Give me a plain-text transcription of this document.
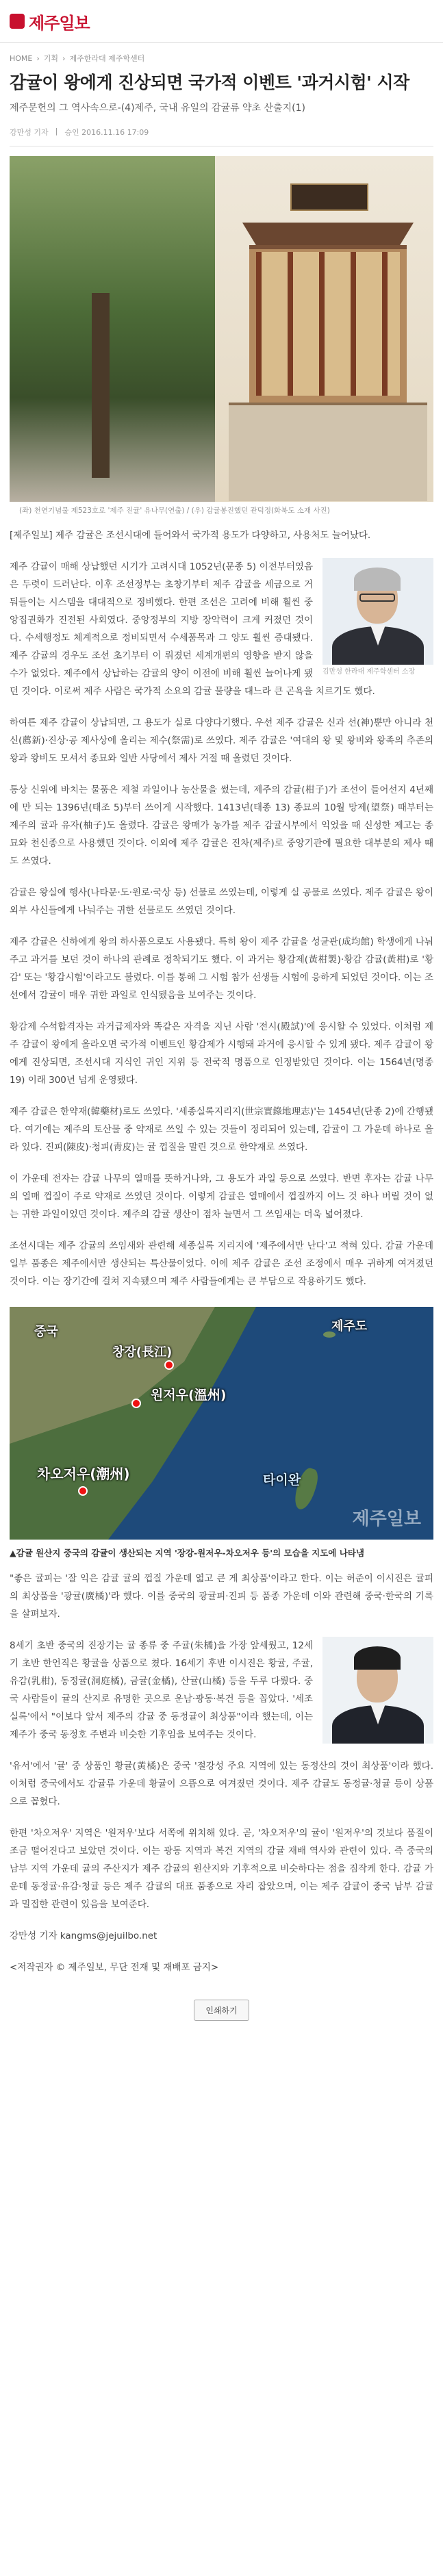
제주일보
HOME › 기획 › 제주한라대 제주학센터
감귤이 왕에게 진상되면 국가적 이벤트 '과거시험' 시작
제주문헌의 그 역사속으로-(4)제주, 국내 유일의 감귤류 약초 산출지(1)
강만성 기자 | 승인 2016.11.16 17:09
(좌) 천연기념물 제523호로 '제주 진귤' 유나무(연출) / (우) 감귤봉진했던 관덕정(화북도 소재 사진)

[제주일보] 제주 감귤은 조선시대에 들어와서 국가적 용도가 다양하고, 사용처도 늘어났다.

김만성 한라대 제주학센터 소장

제주 감귤이 매해 상납했던 시기가 고려시대 1052년(문종 5) 이전부터였음은 두렷이 드러난다. 이후 조선정부는 초창기부터 제주 감귤을 세금으로 거둬들이는 시스템을 대대적으로 정비했다. 한편 조선은 고려에 비해 훨씬 중앙집권화가 진전된 사회였다. 중앙정부의 지방 장악력이 크게 커졌던 것이다. 수세행정도 체계적으로 정비되면서 수세품목과 그 양도 훨씬 증대됐다. 제주 감귤의 경우도 조선 초기부터 이 뤄졌던 세계개편의 영향을 받지 않을 수가 없었다. 제주에서 상납하는 감귤의 양이 이전에 비해 훨씬 늘어나게 됐던 것이다. 이로써 제주 사람은 국가적 소요의 감귤 물량을 대느라 큰 곤욕을 치르기도 했다.

하여튼 제주 감귤이 상납되면, 그 용도가 실로 다양다기했다. 우선 제주 감귤은 신과 선(神)뿐만 아니라 천신(薦新)·진상·공 제사상에 올리는 제수(祭需)로 쓰였다. 제주 감귤은 '여대의 왕 및 왕비와 왕족의 추존의 왕과 왕비도 모셔서 종묘와 일반 사당에서 제사 거절 때 올렸던 것이다.

통상 신위에 바치는 물품은 제철 과일이나 농산물을 썼는데, 제주의 감귤(柑子)가 조선이 들어선지 4년째에 만 되는 1396년(태조 5)부터 쓰이게 시작했다. 1413년(태종 13) 종묘의 10월 망제(望祭) 때부터는 제주의 귤과 유자(柚子)도 올렸다. 감귤은 왕매가 농가를 제주 감귤시부에서 익었을 때 신성한 제고는 종묘와 천신종으로 사용했던 것이다. 이외에 제주 감귤은 진차(제주)로 중앙기관에 필요한 대부분의 제사 때도 쓰였다.

감귤은 왕실에 행사(나타문·도·원로·국상 등) 선물로 쓰였는데, 이렇게 실 공물로 쓰였다. 제주 감귤은 왕이 외부 사신들에게 나눠주는 귀한 선물로도 쓰였던 것이다.

제주 감귤은 신하에게 왕의 하사품으로도 사용됐다. 특히 왕이 제주 감귤을 성균관(成均館) 학생에게 나눠주고 과거를 보던 것이 하나의 관례로 정착되기도 했다. 이 과거는 황감제(黃柑製)·황감 감귤(黃柑)로 '황감' 또는 '황감시험'이라고도 불렸다. 이를 통해 그 시험 참가 선생들 시험에 응하게 되었던 것이다. 이는 조선에서 감귤이 매우 귀한 과일로 인식됐음을 보여주는 것이다.

황감제 수석합격자는 과거급제자와 똑같은 자격을 지닌 사람 '전시(殿試)'에 응시할 수 있었다. 이처럼 제주 감귤이 왕에게 올라오면 국가적 이벤트인 황감제가 시행돼 과거에 응시할 수 있게 됐다. 제주 감귤이 왕에게 진상되면, 조선시대 지식인 귀인 지위 등 전국적 명품으로 인정받았던 것이다. 이는 1564년(명종 19) 이래 300년 넘게 운영됐다.

제주 감귤은 한약재(韓藥材)로도 쓰였다. '세종실록지리지(世宗實錄地理志)'는 1454년(단종 2)에 간행됐다. 여기에는 제주의 토산물 중 약재로 쓰일 수 있는 것들이 정리되어 있는데, 감귤이 그 가운데 하나로 올라 있다. 진피(陳皮)·청피(靑皮)는 귤 껍질을 말린 것으로 한약재로 쓰였다.

이 가운데 전자는 감귤 나무의 열매를 뜻하거나와, 그 용도가 과일 등으로 쓰였다. 반면 후자는 감귤 나무의 열매 껍질이 주로 약재로 쓰였던 것이다. 이렇게 감귤은 열매에서 껍질까지 어느 것 하나 버릴 것이 없는 귀한 과일이었던 것이다. 제주의 감귤 생산이 점차 늘면서 그 쓰임새는 더욱 넓어졌다.

조선시대는 제주 감귤의 쓰임새와 관련해 세종실록 지리지에 '제주에서만 난다'고 적혀 있다. 감귤 가운데 일부 품종은 제주에서만 생산되는 특산물이었다. 이에 제주 감귤은 조선 조정에서 매우 귀하게 여겨졌던 것이다. 이는 장기간에 걸쳐 지속됐으며 제주 사람들에게는 큰 부담으로 작용하기도 했다.

중국	제주도
창장(長江)
원저우(溫州)
타이완
차오저우(潮州)
제주일보
▲감귤 원산지 중국의 감귤이 생산되는 지역 '장강-원저우-차오저우 등'의 모습을 지도에 나타냄

"좋은 귤피는 '잘 익은 감귤 귤의 껍질 가운데 엷고 큰 게 최상품'이라고 한다. 이는 허준이 이시진은 귤피의 최상품을 '광귤(廣橘)'라 했다. 이를 중국의 광귤피·진피 등 품종 가운데 이와 관련해 중국·한국의 기록을 살펴보자.

8세기 초반 중국의 진장기는 귤 종류 중 주귤(朱橘)을 가장 앞세웠고, 12세기 초반 한언직은 황귤을 상품으로 쳤다. 16세기 후반 이시진은 황귤, 주귤, 유감(乳柑), 동정귤(洞庭橘), 금귤(金橘), 산귤(山橘) 등을 두루 다뤘다. 중국 사람들이 귤의 산지로 유명한 곳으로 운남·광동·복건 등을 꼽았다. '세조실록'에서 "이보다 앞서 제주의 감귤 중 동정귤이 최상품"이라 했는데, 이는 제주가 중국 동정호 주변과 비슷한 기후임을 보여주는 것이다.

'유서'에서 '귤' 중 상품인 황귤(黃橘)은 중국 '절강성 주요 지역에 있는 동정산의 것이 최상품'이라 했다. 이처럼 중국에서도 감귤류 가운데 황귤이 으뜸으로 여겨졌던 것이다. 제주 감귤도 동정귤·청귤 등이 상품으로 꼽혔다.

한편 '차오저우' 지역은 '원저우'보다 서쪽에 위치해 있다. 곧, '차오저우'의 귤이 '원저우'의 것보다 품질이 조금 떨어진다고 보았던 것이다. 이는 광동 지역과 복건 지역의 감귤 재배 역사와 관련이 있다. 즉 중국의 남부 지역 가운데 귤의 주산지가 제주 감귤의 원산지와 기후적으로 비슷하다는 점을 짐작케 한다. 감귤 가운데 동정귤·유감·청귤 등은 제주 감귤의 대표 품종으로 자리 잡았으며, 이는 제주 감귤이 중국 남부 감귤과 밀접한 관련이 있음을 보여준다.

강만성 기자 kangms@jejuilbo.net

<저작권자 © 제주일보, 무단 전재 및 재배포 금지>

인쇄하기
